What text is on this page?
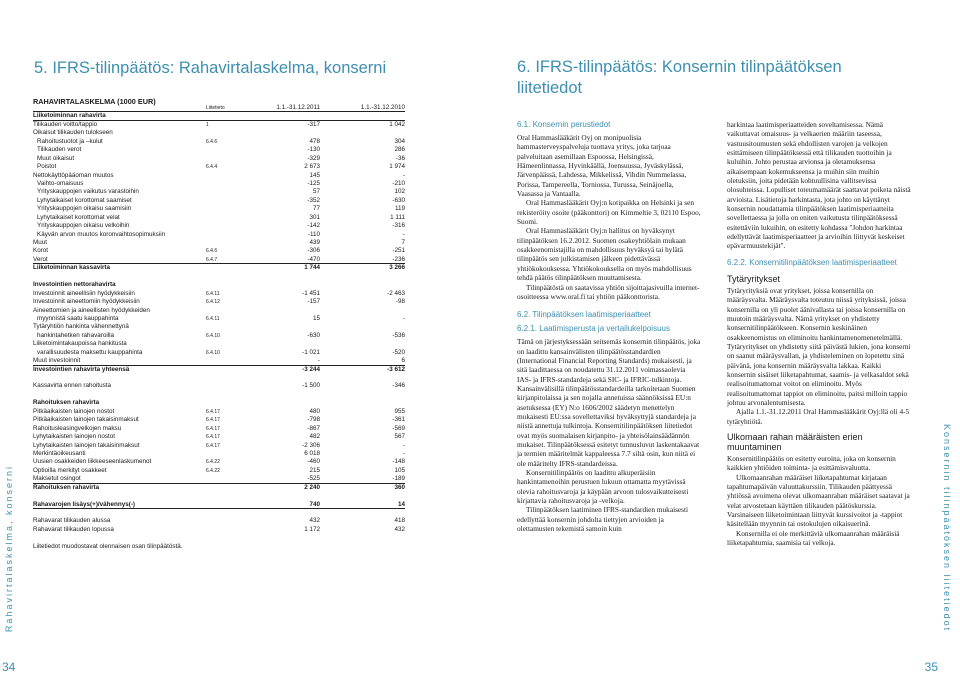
Rahavirtalaskelma, konserni
34
5. IFRS-tilinpäätös: Rahavirtalaskelma, konserni
RAHAVIRTALASKELMA (1000 EUR)
Liitetieto	1.1.-31.12.2011	1.1.-31.12.2010
Liiketoiminnan rahavirta
Tilikauden voitto/tappio	1	-317	1 042
Oikaisut tilikauden tulokseen
Rahoitustuotot ja –kulut	6.4.6	478	304
Tilikauden verot	-130	286
Muut oikaisut	-329	-36
Poistot	6.4.4	2 673	1 974
Nettokäyttöpääoman muutos	145	-
Vaihto-omaisuus	-125	-210
Yrityskauppojen vaikutus varastoihin	57	102
Lyhytaikaiset korottomat saamiset	-352	-630
Yrityskauppojen oikaisu saamisiin	77	119
Lyhytaikaiset korottomat velat	301	1 111
Yrityskauppojen oikaisu velkoihin	-142	-316
Käyvän arvon muutos koronvaihtosopimuksiin	-110	-
Muut	439	7
Korot	6.4.6	-306	-251
Verot	6.4.7	-470	-236
Liiketoiminnan kassavirta	1 744	3 266
Investointien nettorahavirta
Investoinnit aineellisiin hyödykkeisiin	6.4.11	-1 451	-2 463
Investoinnit aineettomiin hyödykkeisiin	6.4.12	-157	-98
Aineettomien ja aineellisten hyödykkeiden
myynnistä saatu kauppahinta	6.4.11	15	-
Tytäryhtiön hankinta vähennettynä
hankintahetken rahavaroilla	6.4.10	-630	-536
Liiketoimintakaupoissa hankitusta
varallisuudesta maksettu kauppahinta	6.4.10	-1 021	-520
Muut investoinnit	-	6
Investointien rahavirta yhteensä	-3 244	-3 612
Kassavirta ennen rahoitusta	-1 500	-346
Rahoituksen rahavirta
Pitkäaikaisten lainojen nostot	6.4.17	480	955
Pitkäaikaisten lainojen takaisinmaksut	6.4.17	-798	-361
Rahoitusleasingvelkojen maksu	6.4.17	-867	-569
Lyhytaikaisten lainojen nostot	6.4.17	482	567
Lyhytaikaisten lainojen takaisinmaksut	6.4.17	-2 306	-
Merkintäoikeusanti	6 018	-
Uusien osakkeiden liikkeeseenlaskumenot	6.4.22	-460	-148
Optioilla merkityt osakkeet	6.4.22	215	105
Maksetut osingot	-525	-189
Rahoituksen rahavirta	2 240	360
Rahavarojen lisäys(+)/vähennys(-)	740	14
Rahavarat tilikauden alussa	432	418
Rahavarat tilikauden lopussa	1 172	432
Liitetiedot muodostavat olennaisen osan tilinpäätöstä.
6. IFRS-tilinpäätös: Konsernin tilinpäätöksen
liitetiedot
Konsernin tilinpäätöksen liitetiedot
35
6.1. Konsernin perustiedot

Oral Hammaslääkärit Oyj on monipuolisia hammasterveyspalveluja tuottava yritys, joka tarjoaa palveluitaan asemillaan Espoossa, Helsingissä, Hämeenlinnassa, Hyvinkäällä, Joensuussa, Jyväskylässä, Järvenpäässä, Lahdessa, Mikkelissä, Vihdin Nummelassa, Porissa, Tampereella, Torniossa, Turussa, Seinäjoella, Vaasassa ja Vantaalla.

Oral Hammaslääkärit Oyj:n kotipaikka on Helsinki ja sen rekisteröity osoite (pääkonttori) on Kimmeltie 3, 02110 Espoo, Suomi.

Oral Hammaslääkärit Oyj:n hallitus on hyväksynyt tilinpäätöksen 16.2.2012. Suomen osakeyhtiölain mukaan osakkeenomistajilla on mahdollisuus hyväksyä tai hylätä tilinpäätös sen julkistamisen jälkeen pidettävässä yhtiökokouksessa. Yhtiökokouksella on myös mahdollisuus tehdä päätös tilinpäätöksen muuttamisesta.

Tilinpäätöstä on saatavissa yhtiön sijoittajasivuilla internet-osoitteessa www.oral.fi tai yhtiön pääkonttorista.

6.2. Tilinpäätöksen laatimisperiaatteet
6.2.1. Laatimisperusta ja vertailukelpoisuus

Tämä on järjestyksessään seitsemäs konsernin tilinpäätös, joka on laadittu kansainvälisten tilinpäätösstandardien (International Financial Reporting Standards) mukaisesti, ja sitä laadittaessa on noudatettu 31.12.2011 voimassaolevia IAS- ja IFRS-standardeja sekä SIC- ja IFRIC-tulkintoja. Kansainvälisillä tilinpäätösstandardeilla tarkoitetaan Suomen kirjanpitolaissa ja sen nojalla annetuissa säännöksissä EU:n asetuksessa (EY) N:o 1606/2002 säädetyn menettelyn mukaisesti EU:ssa sovellettaviksi hyväksyttyjä standardeja ja niistä annettuja tulkintoja. Konsernitilinpäätöksen liitetiedot ovat myös suomalaisen kirjanpito- ja yhteisölainsäädännön mukaiset. Tilinpäätöksessä esitetyt tunnusluvut laskentakaavat ja termien määritelmät kappaleessa 7.7 siltä osin, kun niitä ei ole määritelty IFRS-standardeissa.

Konsernitilinpäätös on laadittu alkuperäisiin hankintamenoihin perustuen lukuun ottamatta myytävissä olevia rahoitusvaroja ja käypään arvoon tulosvaikutteisesti kirjattavia rahoitusvaroja ja -velkoja.

Tilinpäätöksen laatiminen IFRS-standardien mukaisesti edellyttää konsernin johdolta tiettyjen arvioiden ja olettamusten tekemistä samoin kuin

harkintaa laatimisperiaatteiden soveltamisessa. Nämä vaikuttavat omaisuus- ja velkaerien määriin taseessa, vastuusitoumusten sekä ehdollisten varojen ja velkojen esittämiseen tilinpäätöksessä että tilikauden tuottoihin ja kuluihin. Johto perustaa arvionsa ja oletamuksensa aikaisempaan kokemukseensa ja muihin siin muihin oletuksiin, joita pidetään kohtuullisina vallitsevissa olosuhteissa. Lopulliset toteumamäärät saattavat poiketa näistä arvioista. Lisätietoja harkintasta, jota johto on käyttänyt konsernin noudattamia tilinpäätöksen laatimisperiaatteita sovellettaessa ja jolla on eniten vaikutusta tilinpäätöksessä esitettäviin lukuihin, on esitetty kohdassa "Johdon harkintaa edellyttävät laatimisperiaatteet ja arvioihin liittyvät keskeiset epävarmuustekijät".

6.2.2. Konsernitilinpäätöksen laatimisperiaatteet
Tytäryritykset

Tytäryrityksiä ovat yritykset, joissa konsernilla on määräysvalta. Määräysvalta toteutuu niissä yrityksissä, joissa konsernilla on yli puolet äänivallasta tai joissa konsernilla on muutoin määräysvalta. Nämä yritykset on yhdistetty konsernitilinpäätökseen. Konsernin keskinäinen osakkeenomistus on eliminoitu hankintamenomenetelmällä. Tytäryritykset on yhdistetty siitä päivästä lukien, jona konserni on saanut määräysvallan, ja yhdisteleminen on lopetettu sinä päivänä, jona konsernin määräysvalta lakkaa. Kaikki konsernin sisäiset liiketapahtumat, saamis- ja velkasaldot sekä realisoitumattomat voitot on eliminoitu. Myös realisoitumattomat tappiot on eliminoitu, paitsi milloin tappio johtuu arvonalentumisesta.

Ajalla 1.1.-31.12.2011 Oral Hammaslääkärit Oyj:llä oli 4-5 tytäryhtiötä.

Ulkomaan rahan määräisten erien muuntaminen

Konsernitilinpäätös on esitetty euroina, joka on konsernin kaikkien yhtiöiden toiminta- ja esittämisvaluutta.

Ulkomaanrahan määräiset liiketapahtumat kirjataan tapahtumapäivän valuuttakurssiin. Tilikauden päättyessä yhtiössä avoimena olevat ulkomaanrahan määräiset saatavat ja velat arvostetaan käyttäen tilikauden päätöskurssia. Varsinaiseen liiketoimintaan liittyvät kurssivoitot ja -tappiot käsitellään myynnin tai ostokulujen oikaisuerinä.

Konsernilla ei ole merkittäviä ulkomaanrahan määräisiä liiketapahtumia, saamisia tai velkoja.
